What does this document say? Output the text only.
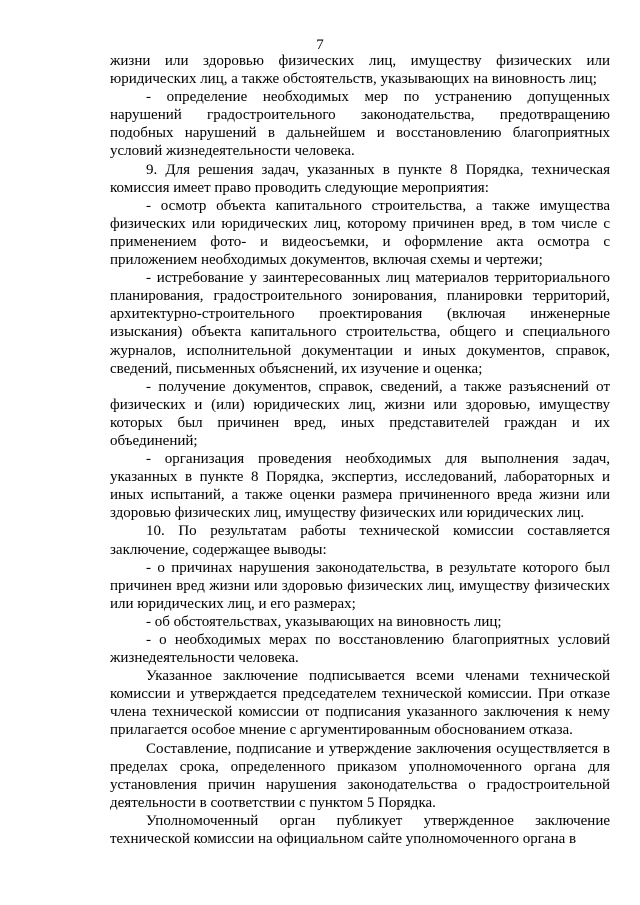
7

жизни или здоровью физических лиц, имуществу физических или юридических лиц, а также обстоятельств, указывающих на виновность лиц;

- определение необходимых мер по устранению допущенных нарушений градостроительного законодательства, предотвращению подобных нарушений в дальнейшем и восстановлению благоприятных условий жизнедеятельности человека.

9. Для решения задач, указанных в пункте 8 Порядка, техническая комиссия имеет право проводить следующие мероприятия:

- осмотр объекта капитального строительства, а также имущества физических или юридических лиц, которому причинен вред, в том числе с применением фото- и видеосъемки, и оформление акта осмотра с приложением необходимых документов, включая схемы и чертежи;

- истребование у заинтересованных лиц материалов территориального планирования, градостроительного зонирования, планировки территорий, архитектурно-строительного проектирования (включая инженерные изыскания) объекта капитального строительства, общего и специального журналов, исполнительной документации и иных документов, справок, сведений, письменных объяснений, их изучение и оценка;

- получение документов, справок, сведений, а также разъяснений от физических и (или) юридических лиц, жизни или здоровью, имуществу которых был причинен вред, иных представителей граждан и их объединений;

- организация проведения необходимых для выполнения задач, указанных в пункте 8 Порядка, экспертиз, исследований, лабораторных и иных испытаний, а также оценки размера причиненного вреда жизни или здоровью физических лиц, имуществу физических или юридических лиц.

10. По результатам работы технической комиссии составляется заключение, содержащее выводы:

- о причинах нарушения законодательства, в результате которого был причинен вред жизни или здоровью физических лиц, имуществу физических или юридических лиц, и его размерах;

- об обстоятельствах, указывающих на виновность лиц;

- о необходимых мерах по восстановлению благоприятных условий жизнедеятельности человека.

Указанное заключение подписывается всеми членами технической комиссии и утверждается председателем технической комиссии. При отказе члена технической комиссии от подписания указанного заключения к нему прилагается особое мнение с аргументированным обоснованием отказа.

Составление, подписание и утверждение заключения осуществляется в пределах срока, определенного приказом уполномоченного органа для установления причин нарушения законодательства о градостроительной деятельности в соответствии с пунктом 5 Порядка.

Уполномоченный орган публикует утвержденное заключение технической комиссии на официальном сайте уполномоченного органа в
